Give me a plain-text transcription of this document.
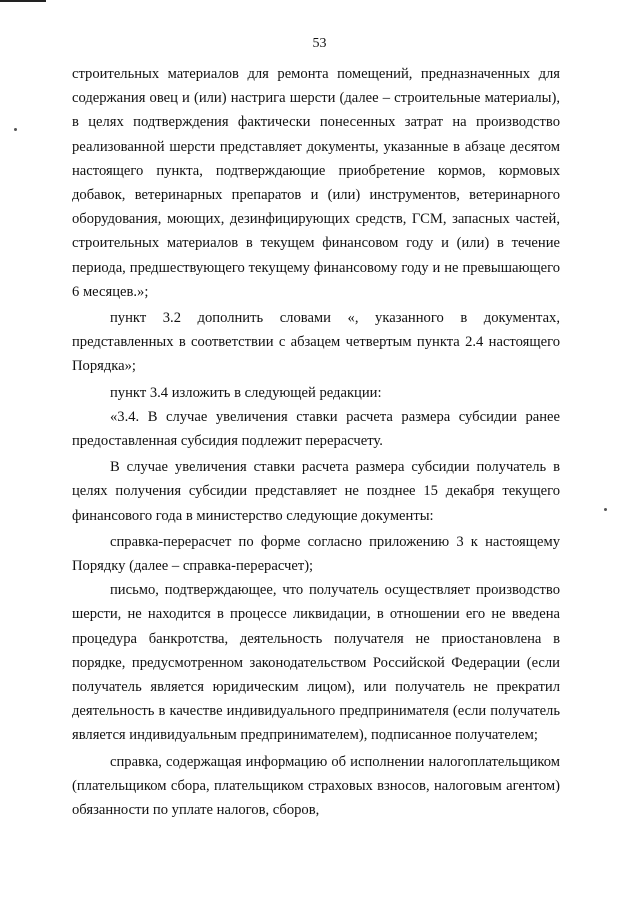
53

строительных материалов для ремонта помещений, предназначенных для содержания овец и (или) настрига шерсти (далее – строительные материалы), в целях подтверждения фактически понесенных затрат на производство реализованной шерсти представляет документы, указанные в абзаце десятом настоящего пункта, подтверждающие приобретение кормов, кормовых добавок, ветеринарных препаратов и (или) инструментов, ветеринарного оборудования, моющих, дезинфицирующих средств, ГСМ, запасных частей, строительных материалов в текущем финансовом году и (или) в течение периода, предшествующего текущему финансовому году и не превышающего 6 месяцев.»;

пункт 3.2 дополнить словами «, указанного в документах, представленных в соответствии с абзацем четвертым пункта 2.4 настоящего Порядка»;

пункт 3.4 изложить в следующей редакции:

«3.4. В случае увеличения ставки расчета размера субсидии ранее предоставленная субсидия подлежит перерасчету.

В случае увеличения ставки расчета размера субсидии получатель в целях получения субсидии представляет не позднее 15 декабря текущего финансового года в министерство следующие документы:

справка-перерасчет по форме согласно приложению 3 к настоящему Порядку (далее – справка-перерасчет);

письмо, подтверждающее, что получатель осуществляет производство шерсти, не находится в процессе ликвидации, в отношении его не введена процедура банкротства, деятельность получателя не приостановлена в порядке, предусмотренном законодательством Российской Федерации (если получатель является юридическим лицом), или получатель не прекратил деятельность в качестве индивидуального предпринимателя (если получатель является индивидуальным предпринимателем), подписанное получателем;

справка, содержащая информацию об исполнении налогоплательщиком (плательщиком сбора, плательщиком страховых взносов, налоговым агентом) обязанности по уплате налогов, сборов,
